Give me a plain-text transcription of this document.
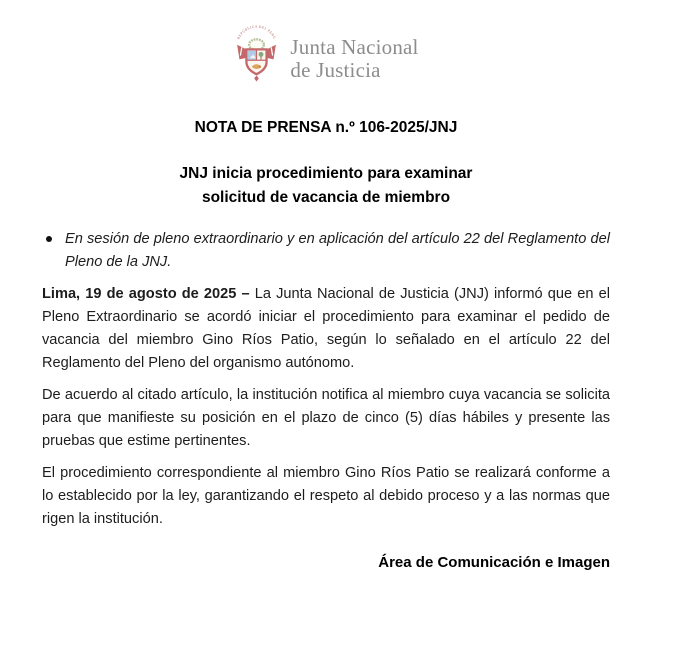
REPÚBLICA DEL PERÚ Junta Nacional
de Justicia
NOTA DE PRENSA n.º 106-2025/JNJ
JNJ inicia procedimiento para examinar
solicitud de vacancia de miembro
En sesión de pleno extraordinario y en aplicación del artículo 22 del Reglamento del Pleno de la JNJ.

Lima, 19 de agosto de 2025 – La Junta Nacional de Justicia (JNJ) informó que en el Pleno Extraordinario se acordó iniciar el procedimiento para examinar el pedido de vacancia del miembro Gino Ríos Patio, según lo señalado en el artículo 22 del Reglamento del Pleno del organismo autónomo.

De acuerdo al citado artículo, la institución notifica al miembro cuya vacancia se solicita para que manifieste su posición en el plazo de cinco (5) días hábiles y presente las pruebas que estime pertinentes.

El procedimiento correspondiente al miembro Gino Ríos Patio se realizará conforme a lo establecido por la ley, garantizando el respeto al debido proceso y a las normas que rigen la institución.

Área de Comunicación e Imagen
